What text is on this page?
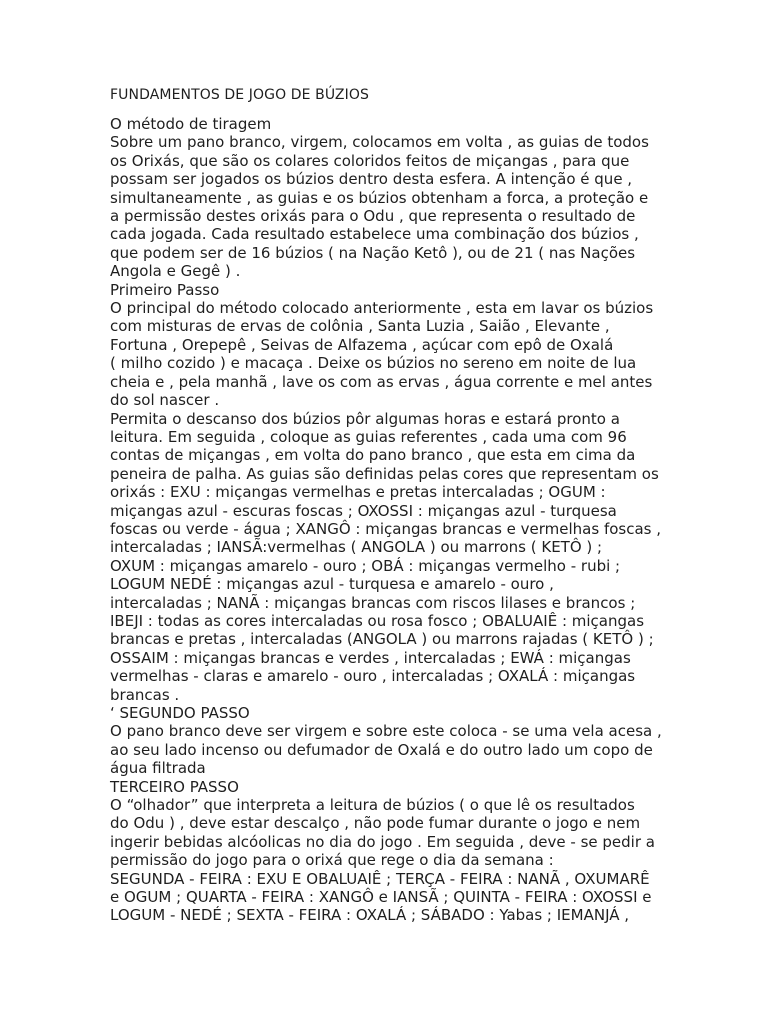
FUNDAMENTOS DE JOGO DE BÚZIOS
O método de tiragem
Sobre um pano branco, virgem, colocamos em volta , as guias de todos
os Orixás, que são os colares coloridos feitos de miçangas , para que
possam ser jogados os búzios dentro desta esfera. A intenção é que ,
simultaneamente , as guias e os búzios obtenham a forca, a proteção e
a permissão destes orixás para o Odu , que representa o resultado de
cada jogada. Cada resultado estabelece uma combinação dos búzios ,
que podem ser de 16 búzios ( na Nação Ketô ), ou de 21 ( nas Nações
Angola e Gegê ) .
Primeiro Passo
O principal do método colocado anteriormente , esta em lavar os búzios
com misturas de ervas de colônia , Santa Luzia , Saião , Elevante ,
Fortuna , Orepepê , Seivas de Alfazema , açúcar com epô de Oxalá
( milho cozido ) e macaça . Deixe os búzios no sereno em noite de lua
cheia e , pela manhã , lave os com as ervas , água corrente e mel antes
do sol nascer .
Permita o descanso dos búzios pôr algumas horas e estará pronto a
leitura. Em seguida , coloque as guias referentes , cada uma com 96
contas de miçangas , em volta do pano branco , que esta em cima da
peneira de palha. As guias são definidas pelas cores que representam os
orixás : EXU : miçangas vermelhas e pretas intercaladas ; OGUM :
miçangas azul - escuras foscas ; OXOSSI : miçangas azul - turquesa
foscas ou verde - água ; XANGÔ : miçangas brancas e vermelhas foscas ,
intercaladas ; IANSÃ:vermelhas ( ANGOLA ) ou marrons ( KETÔ ) ;
OXUM : miçangas amarelo - ouro ; OBÁ : miçangas vermelho - rubi ;
LOGUM NEDÉ : miçangas azul - turquesa e amarelo - ouro ,
intercaladas ; NANÃ : miçangas brancas com riscos lilases e brancos ;
IBEJI : todas as cores intercaladas ou rosa fosco ; OBALUAIÊ : miçangas
brancas e pretas , intercaladas (ANGOLA ) ou marrons rajadas ( KETÔ ) ;
OSSAIM : miçangas brancas e verdes , intercaladas ; EWÁ : miçangas
vermelhas - claras e amarelo - ouro , intercaladas ; OXALÁ : miçangas
brancas .
‘ SEGUNDO PASSO
O pano branco deve ser virgem e sobre este coloca - se uma vela acesa ,
ao seu lado incenso ou defumador de Oxalá e do outro lado um copo de
água filtrada
TERCEIRO PASSO
O “olhador” que interpreta a leitura de búzios ( o que lê os resultados
do Odu ) , deve estar descalço , não pode fumar durante o jogo e nem
ingerir bebidas alcóolicas no dia do jogo . Em seguida , deve - se pedir a
permissão do jogo para o orixá que rege o dia da semana :
SEGUNDA - FEIRA : EXU E OBALUAIÊ ; TERÇA - FEIRA : NANÃ , OXUMARÊ
e OGUM ; QUARTA - FEIRA : XANGÔ e IANSÃ ; QUINTA - FEIRA : OXOSSI e
LOGUM - NEDÉ ; SEXTA - FEIRA : OXALÁ ; SÁBADO : Yabas ; IEMANJÁ ,
